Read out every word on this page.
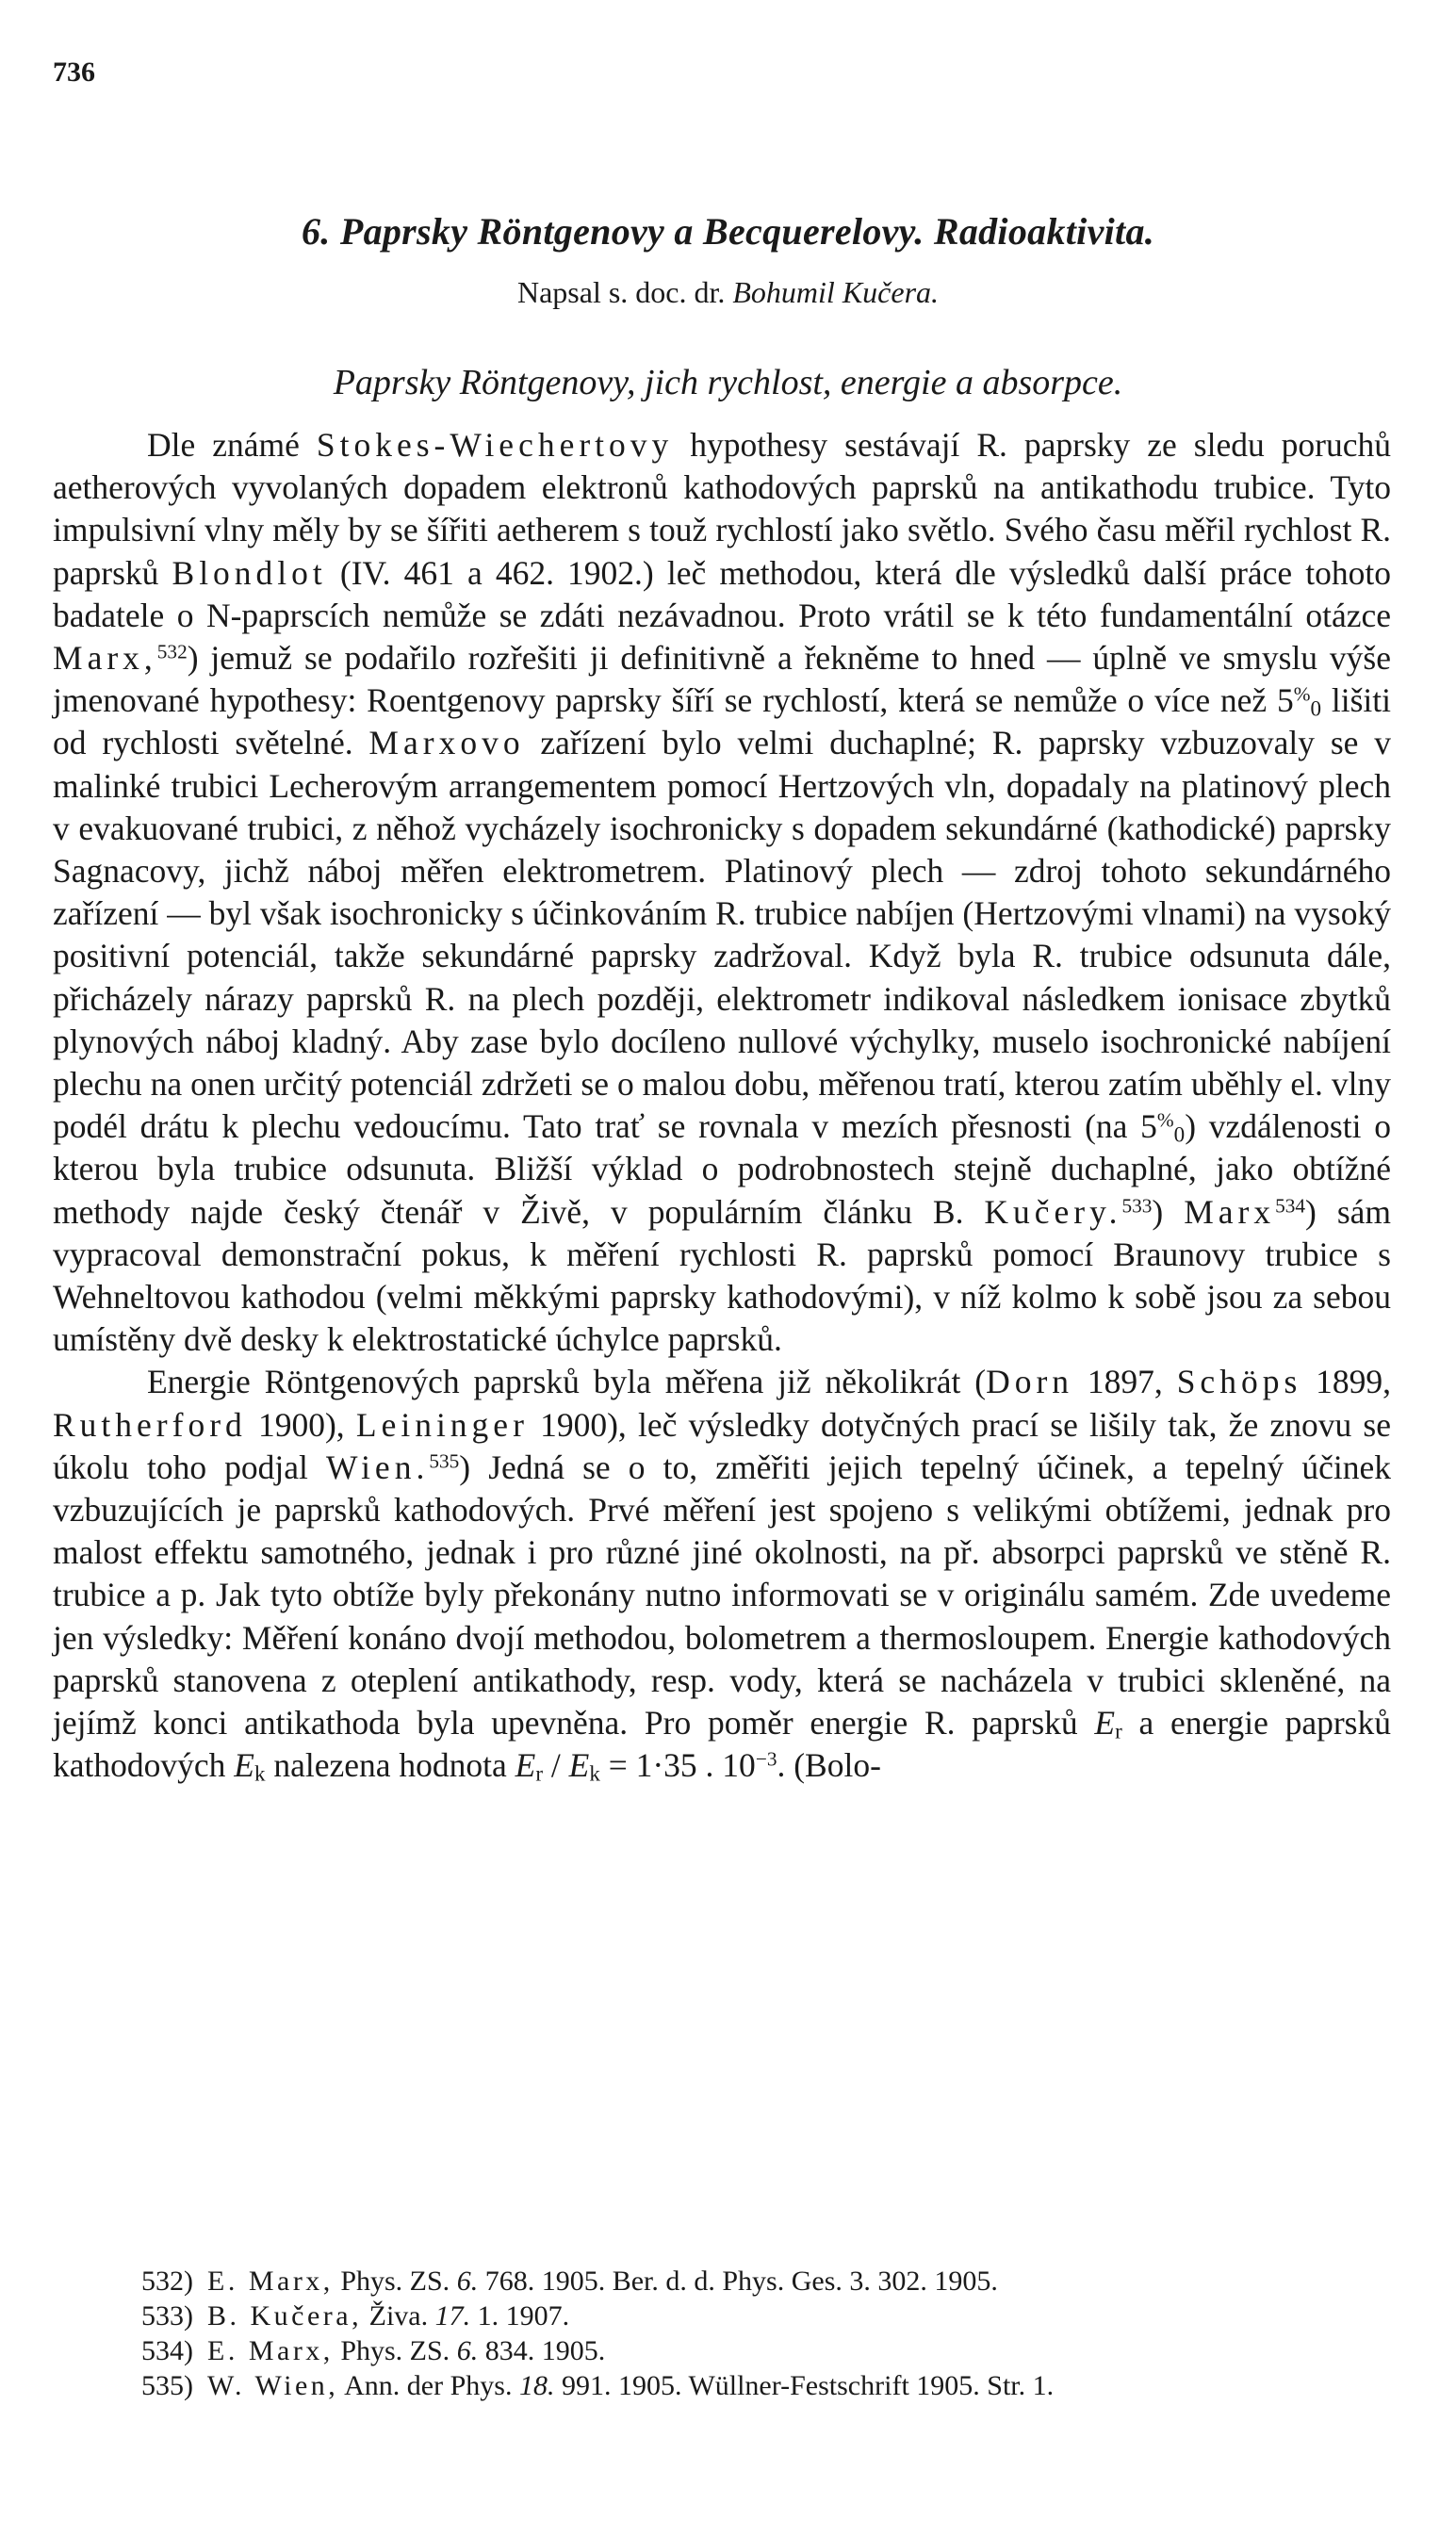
736
6. Paprsky Röntgenovy a Becquerelovy. Radioaktivita.
Napsal s. doc. dr. Bohumil Kučera.
Paprsky Röntgenovy, jich rychlost, energie a absorpce.

Dle známé Stokes-Wiechertovy hypothesy sestávají R. paprsky ze sledu poruchů aetherových vyvolaných dopadem elektronů kathodových paprsků na antikathodu trubice. Tyto impulsivní vlny měly by se šířiti aetherem s touž rychlostí jako světlo. Svého času měřil rychlost R. paprsků Blondlot (IV. 461 a 462. 1902.) leč methodou, která dle výsledků další práce tohoto badatele o N-paprscích nemůže se zdáti nezávadnou. Proto vrátil se k této fundamentální otázce Marx,$^{532}$) jemuž se podařilo rozřešiti ji definitivně a řekněme to hned — úplně ve smyslu výše jmenované hypothesy: Roentgenovy paprsky šíří se rychlostí, která se nemůže o více než $5^{\%}_0$ lišiti od rychlosti světelné. Marxovo zařízení bylo velmi duchaplné; R. paprsky vzbuzovaly se v malinké trubici Lecherovým arrangementem pomocí Hertzových vln, dopadaly na platinový plech v evakuované trubici, z něhož vycházely isochronicky s dopadem sekundárné (kathodické) paprsky Sagnacovy, jichž náboj měřen elektrometrem. Platinový plech — zdroj tohoto sekundárného zařízení — byl však isochronicky s účinkováním R. trubice nabíjen (Hertzovými vlnami) na vysoký positivní potenciál, takže sekundárné paprsky zadržoval. Když byla R. trubice odsunuta dále, přicházely nárazy paprsků R. na plech později, elektrometr indikoval následkem ionisace zbytků plynových náboj kladný. Aby zase bylo docíleno nullové výchylky, muselo isochronické nabíjení plechu na onen určitý potenciál zdržeti se o malou dobu, měřenou tratí, kterou zatím uběhly el. vlny podél drátu k plechu vedoucímu. Tato trať se rovnala v mezích přesnosti (na $5^{\%}_0$) vzdálenosti o kterou byla trubice odsunuta. Bližší výklad o podrobnostech stejně duchaplné, jako obtížné methody najde český čtenář v Živě, v populárním článku B. Kučery.$^{533}$) Marx$^{534}$) sám vypracoval demonstrační pokus, k měření rychlosti R. paprsků pomocí Braunovy trubice s Wehneltovou kathodou (velmi měkkými paprsky kathodovými), v níž kolmo k sobě jsou za sebou umístěny dvě desky k elektrostatické úchylce paprsků.

Energie Röntgenových paprsků byla měřena již několikrát (Dorn 1897, Schöps 1899, Rutherford 1900), Leininger 1900), leč výsledky dotyčných prací se lišily tak, že znovu se úkolu toho podjal Wien.$^{535}$) Jedná se o to, změřiti jejich tepelný účinek, a tepelný účinek vzbuzujících je paprsků kathodových. Prvé měření jest spojeno s velikými obtížemi, jednak pro malost effektu samotného, jednak i pro různé jiné okolnosti, na př. absorpci paprsků ve stěně R. trubice a p. Jak tyto obtíže byly překonány nutno informovati se v originálu samém. Zde uvedeme jen výsledky: Měření konáno dvojí methodou, bolometrem a thermosloupem. Energie kathodových paprsků stanovena z oteplení antikathody, resp. vody, která se nacházela v trubici skleněné, na jejímž konci antikathoda byla upevněna. Pro poměr energie R. paprsků $E_r$ a energie paprsků kathodových $E_k$ nalezena hodnota $E_r / E_k = 1\cdot 35$ . $10^{-3}$. (Bolo-

532) E. Marx, Phys. ZS. 6. 768. 1905. Ber. d. d. Phys. Ges. 3. 302. 1905.
533) B. Kučera, Živa. 17. 1. 1907.
534) E. Marx, Phys. ZS. 6. 834. 1905.
535) W. Wien, Ann. der Phys. 18. 991. 1905. Wüllner-Festschrift 1905. Str. 1.
